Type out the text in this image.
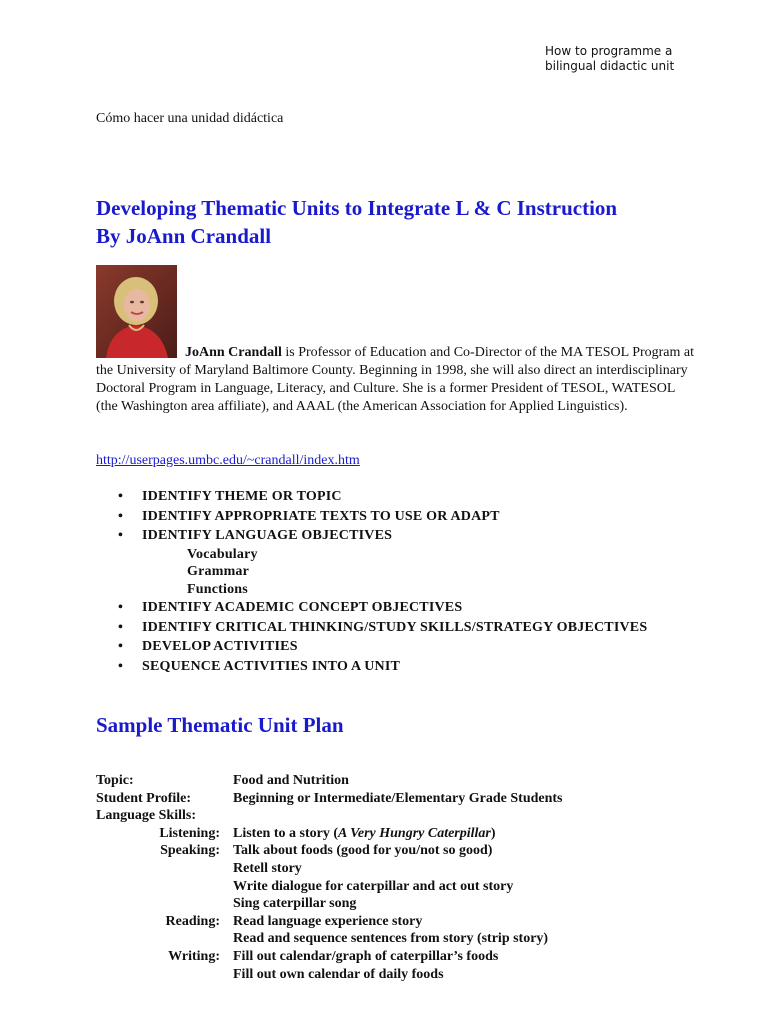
How to programme a
bilingual didactic unit
Cómo hacer una unidad didáctica
Developing Thematic Units to Integrate L & C Instruction
By JoAnn Crandall
JoAnn Crandall is Professor of Education and Co-Director of the MA TESOL Program at the University of Maryland Baltimore County. Beginning in 1998, she will also direct an interdisciplinary Doctoral Program in Language, Literacy, and Culture. She is a former President of TESOL, WATESOL (the Washington area affiliate), and AAAL (the American Association for Applied Linguistics).
http://userpages.umbc.edu/~crandall/index.htm
• IDENTIFY THEME OR TOPIC
• IDENTIFY APPROPRIATE TEXTS TO USE OR ADAPT
• IDENTIFY LANGUAGE OBJECTIVES
Vocabulary
Grammar
Functions
• IDENTIFY ACADEMIC CONCEPT OBJECTIVES
• IDENTIFY CRITICAL THINKING/STUDY SKILLS/STRATEGY OBJECTIVES
• DEVELOP ACTIVITIES
• SEQUENCE ACTIVITIES INTO A UNIT
Sample Thematic Unit Plan
Topic:	Food and Nutrition
Student Profile:	Beginning or Intermediate/Elementary Grade Students
Language Skills:
Listening: Listen to a story (A Very Hungry Caterpillar)
Speaking: Talk about foods (good for you/not so good)
Retell story
Write dialogue for caterpillar and act out story
Sing caterpillar song
Reading: Read language experience story
Read and sequence sentences from story (strip story)
Writing: Fill out calendar/graph of caterpillar’s foods
Fill out own calendar of daily foods
